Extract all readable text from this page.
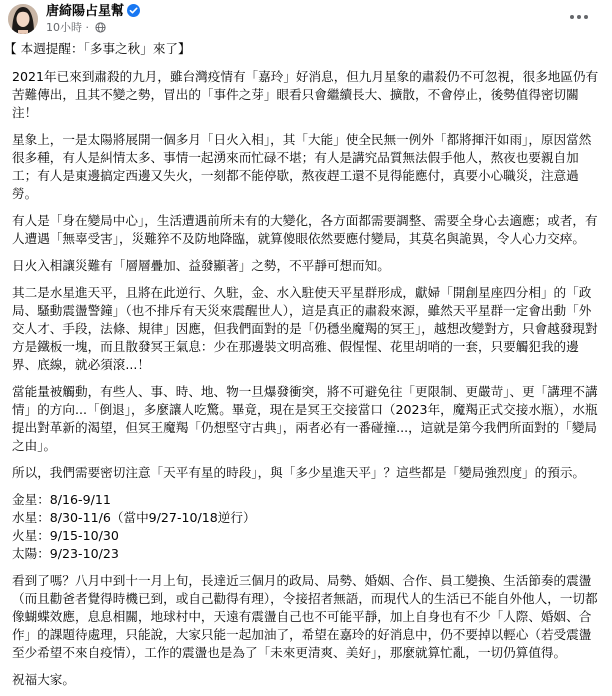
唐綺陽占星幫
10小時 ·

【 本週提醒：「多事之秋」來了】

2021年已來到肅殺的九月，雖台灣疫情有「嘉玲」好消息，但九月星象的肅殺仍不可忽視，很多地區仍有苦難傳出，且其不變之勢，冒出的「事件之芽」眼看只會繼續長大、擴散，不會停止，後勢值得密切關注！

星象上，一是太陽將展開一個多月「日火入相」，其「大能」使全民無一例外「都將揮汗如雨」，原因當然很多種，有人是糾情太多、事情一起湧來而忙碌不堪；有人是講究品質無法假手他人，熬夜也要親自加工；有人是東邊搞定西邊又失火，一刻都不能停歇，熬夜趕工還不見得能應付，真要小心職災，注意過勞。

有人是「身在變局中心」，生活遭遇前所未有的大變化，各方面都需要調整、需要全身心去適應；或者，有人遭遇「無辜受害」，災難猝不及防地降臨，就算傻眼依然要應付變局，其莫名與詭異，令人心力交瘁。

日火入相讓災難有「層層疊加、益發顯著」之勢，不平靜可想而知。

其二是水星進天平，且將在此逆行、久駐，金、水入駐使天平星群形成，獻婦「開創星座四分相」的「政局、騷動震盪警鐘」（也不排斥有天災來震醒世人），這是真正的肅殺來源，雖然天平星群一定會出動「外交人才、手段，法條、規律」因應，但我們面對的是「仍穩坐魔羯的冥王」，越想改變對方，只會越發現對方是鐵板一塊，而且散發冥王氣息：少在那邊裝文明高雅、假惺惺、花里胡哨的一套，只要觸犯我的邊界、底線，就必須滾...！

當能量被觸動，有些人、事、時、地、物一旦爆發衝突，將不可避免往「更限制、更嚴苛」、更「講理不講情」的方向...「倒退」，多麼讓人吃驚。畢竟，現在是冥王交接當口（2023年，魔羯正式交接水瓶），水瓶提出對革新的渴望，但冥王魔羯「仍想堅守古典」，兩者必有一番碰撞...，這就是第今我們所面對的「變局之由」。

所以，我們需要密切注意「天平有星的時段」，與「多少星進天平」？這些都是「變局強烈度」的預示。

金星：8/16-9/11
水星：8/30-11/6（當中9/27-10/18逆行）
火星：9/15-10/30
太陽：9/23-10/23

看到了嗎？八月中到十一月上旬，長達近三個月的政局、局勢、婚姻、合作、員工變換、生活節奏的震盪（而且勸爸者覺得時機已到，或自己勸得有理），令接招者無語，而現代人的生活已不能自外他人，一切都像蝴蝶效應，息息相關，地球村中，天遠有震盪自己也不可能平靜，加上自身也有不少「人際、婚姻、合作」的課題待處理，只能說，大家只能一起加油了，希望在嘉玲的好消息中，仍不要掉以輕心（若受震盪至少希望不來自疫情），工作的震盪也是為了「未來更清爽、美好」，那麼就算忙亂，一切仍算值得。

祝福大家。
